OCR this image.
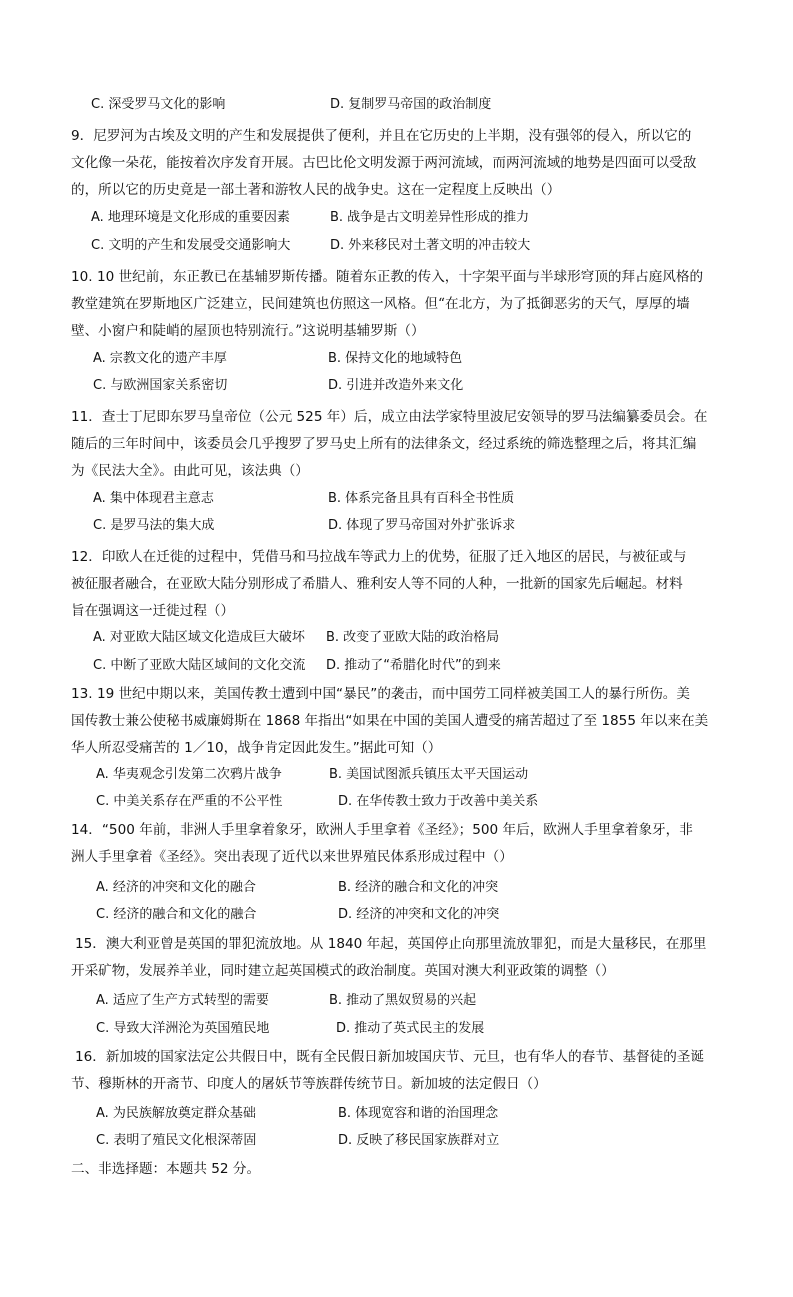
C. 深受罗马文化的影响	D. 复制罗马帝国的政治制度
9．尼罗河为古埃及文明的产生和发展提供了便利，并且在它历史的上半期，没有强邻的侵入，所以它的
文化像一朵花，能按着次序发育开展。古巴比伦文明发源于两河流域，而两河流域的地势是四面可以受敌
的，所以它的历史竟是一部土著和游牧人民的战争史。这在一定程度上反映出（）
A. 地理环境是文化形成的重要因素	B. 战争是古文明差异性形成的推力
C. 文明的产生和发展受交通影响大	D. 外来移民对土著文明的冲击较大
10. 10 世纪前，东正教已在基辅罗斯传播。随着东正教的传入，十字架平面与半球形穹顶的拜占庭风格的
教堂建筑在罗斯地区广泛建立，民间建筑也仿照这一风格。但“在北方，为了抵御恶劣的天气，厚厚的墙
壁、小窗户和陡峭的屋顶也特别流行。”这说明基辅罗斯（）
A. 宗教文化的遗产丰厚	B. 保持文化的地域特色
C. 与欧洲国家关系密切	D. 引进并改造外来文化
11．查士丁尼即东罗马皇帝位（公元 525 年）后，成立由法学家特里波尼安领导的罗马法编纂委员会。在
随后的三年时间中，该委员会几乎搜罗了罗马史上所有的法律条文，经过系统的筛选整理之后，将其汇编
为《民法大全》。由此可见，该法典（）
A. 集中体现君主意志	B. 体系完备且具有百科全书性质
C. 是罗马法的集大成	D. 体现了罗马帝国对外扩张诉求
12．印欧人在迁徙的过程中，凭借马和马拉战车等武力上的优势，征服了迁入地区的居民，与被征或与
被征服者融合，在亚欧大陆分别形成了希腊人、雅利安人等不同的人种，一批新的国家先后崛起。材料
旨在强调这一迁徙过程（）
A. 对亚欧大陆区域文化造成巨大破坏 B. 改变了亚欧大陆的政治格局
C. 中断了亚欧大陆区域间的文化交流 D. 推动了“希腊化时代”的到来
13. 19 世纪中期以来，美国传教士遭到中国“暴民”的袭击，而中国劳工同样被美国工人的暴行所伤。美
国传教士兼公使秘书威廉姆斯在 1868 年指出“如果在中国的美国人遭受的痛苦超过了至 1855 年以来在美
华人所忍受痛苦的 1／10，战争肯定因此发生。”据此可知（）
A. 华夷观念引发第二次鸦片战争	B. 美国试图派兵镇压太平天国运动
C. 中美关系存在严重的不公平性	D. 在华传教士致力于改善中美关系
14．“500 年前，非洲人手里拿着象牙，欧洲人手里拿着《圣经》；500 年后，欧洲人手里拿着象牙，非
洲人手里拿着《圣经》。突出表现了近代以来世界殖民体系形成过程中（）
A. 经济的冲突和文化的融合	B. 经济的融合和文化的冲突
C. 经济的融合和文化的融合	D. 经济的冲突和文化的冲突
15．澳大利亚曾是英国的罪犯流放地。从 1840 年起，英国停止向那里流放罪犯，而是大量移民，在那里
开采矿物，发展养羊业，同时建立起英国模式的政治制度。英国对澳大利亚政策的调整（）
A. 适应了生产方式转型的需要	B. 推动了黑奴贸易的兴起
C. 导致大洋洲沦为英国殖民地	D. 推动了英式民主的发展
16．新加坡的国家法定公共假日中，既有全民假日新加坡国庆节、元旦，也有华人的春节、基督徒的圣诞
节、穆斯林的开斋节、印度人的屠妖节等族群传统节日。新加坡的法定假日（）
A. 为民族解放奠定群众基础	B. 体现宽容和谐的治国理念
C. 表明了殖民文化根深蒂固	D. 反映了移民国家族群对立
二、非选择题：本题共 52 分。
